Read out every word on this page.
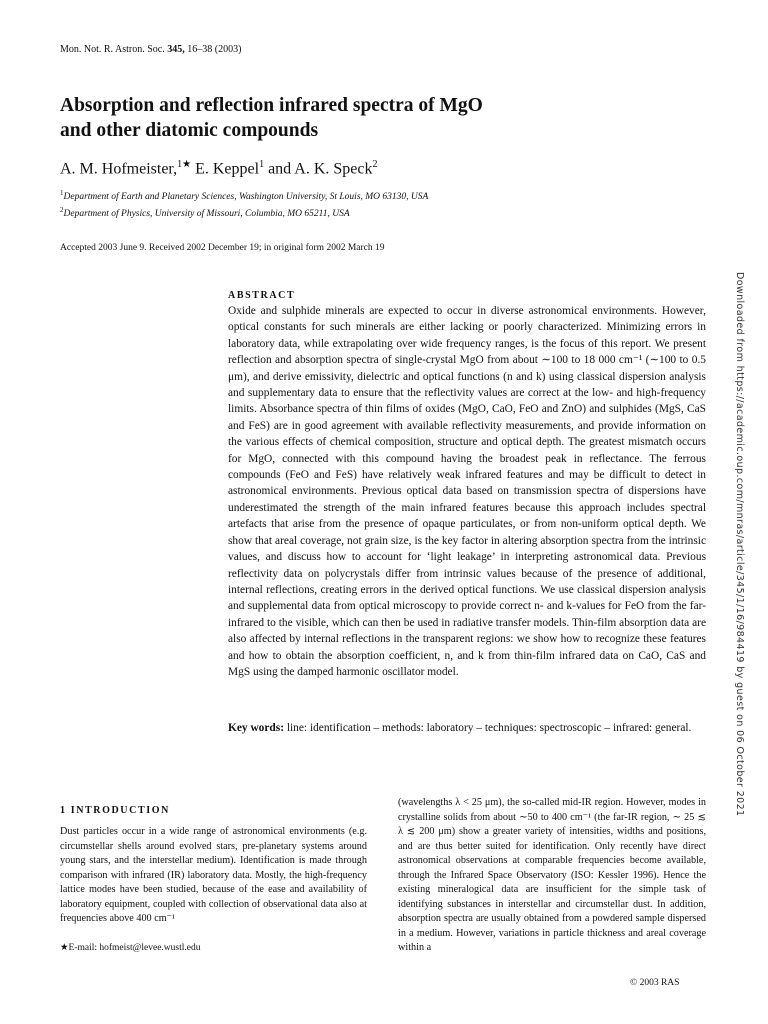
Mon. Not. R. Astron. Soc. 345, 16–38 (2003)
Absorption and reflection infrared spectra of MgO
and other diatomic compounds
A. M. Hofmeister,$^{1★}$ E. Keppel$^1$ and A. K. Speck$^2$
$^1$Department of Earth and Planetary Sciences, Washington University, St Louis, MO 63130, USA
$^2$Department of Physics, University of Missouri, Columbia, MO 65211, USA
Accepted 2003 June 9. Received 2002 December 19; in original form 2002 March 19

ABSTRACT

Oxide and sulphide minerals are expected to occur in diverse astronomical environments. However, optical constants for such minerals are either lacking or poorly characterized. Minimizing errors in laboratory data, while extrapolating over wide frequency ranges, is the focus of this report. We present reflection and absorption spectra of single-crystal MgO from about ∼100 to 18 000 cm⁻¹ (∼100 to 0.5 μm), and derive emissivity, dielectric and optical functions (n and k) using classical dispersion analysis and supplementary data to ensure that the reflectivity values are correct at the low- and high-frequency limits. Absorbance spectra of thin films of oxides (MgO, CaO, FeO and ZnO) and sulphides (MgS, CaS and FeS) are in good agreement with available reflectivity measurements, and provide information on the various effects of chemical composition, structure and optical depth. The greatest mismatch occurs for MgO, connected with this compound having the broadest peak in reflectance. The ferrous compounds (FeO and FeS) have relatively weak infrared features and may be difficult to detect in astronomical environments. Previous optical data based on transmission spectra of dispersions have underestimated the strength of the main infrared features because this approach includes spectral artefacts that arise from the presence of opaque particulates, or from non-uniform optical depth. We show that areal coverage, not grain size, is the key factor in altering absorption spectra from the intrinsic values, and discuss how to account for ‘light leakage’ in interpreting astronomical data. Previous reflectivity data on polycrystals differ from intrinsic values because of the presence of additional, internal reflections, creating errors in the derived optical functions. We use classical dispersion analysis and supplemental data from optical microscopy to provide correct n- and k-values for FeO from the far-infrared to the visible, which can then be used in radiative transfer models. Thin-film absorption data are also affected by internal reflections in the transparent regions: we show how to recognize these features and how to obtain the absorption coefficient, n, and k from thin-film infrared data on CaO, CaS and MgS using the damped harmonic oscillator model.

Key words: line: identification – methods: laboratory – techniques: spectroscopic – infrared: general.	Downloaded from https://academic.oup.com/mnras/article/345/1/16/984419 by guest on 06 October 2021

1 INTRODUCTION

Dust particles occur in a wide range of astronomical environments (e.g. circumstellar shells around evolved stars, pre-planetary systems around young stars, and the interstellar medium). Identification is made through comparison with infrared (IR) laboratory data. Mostly, the high-frequency lattice modes have been studied, because of the ease and availability of laboratory equipment, coupled with collection of observational data also at frequencies above 400 cm⁻¹

(wavelengths λ < 25 μm), the so-called mid-IR region. However, modes in crystalline solids from about ∼50 to 400 cm⁻¹ (the far-IR region, ∼ 25 ≲ λ ≲ 200 μm) show a greater variety of intensities, widths and positions, and are thus better suited for identification. Only recently have direct astronomical observations at comparable frequencies become available, through the Infrared Space Observatory (ISO: Kessler 1996). Hence the existing mineralogical data are insufficient for the simple task of identifying substances in interstellar and circumstellar dust. In addition, absorption spectra are usually obtained from a powdered sample dispersed in a medium. However, variations in particle thickness and areal coverage within a

★E-mail: hofmeist@levee.wustl.edu
© 2003 RAS
